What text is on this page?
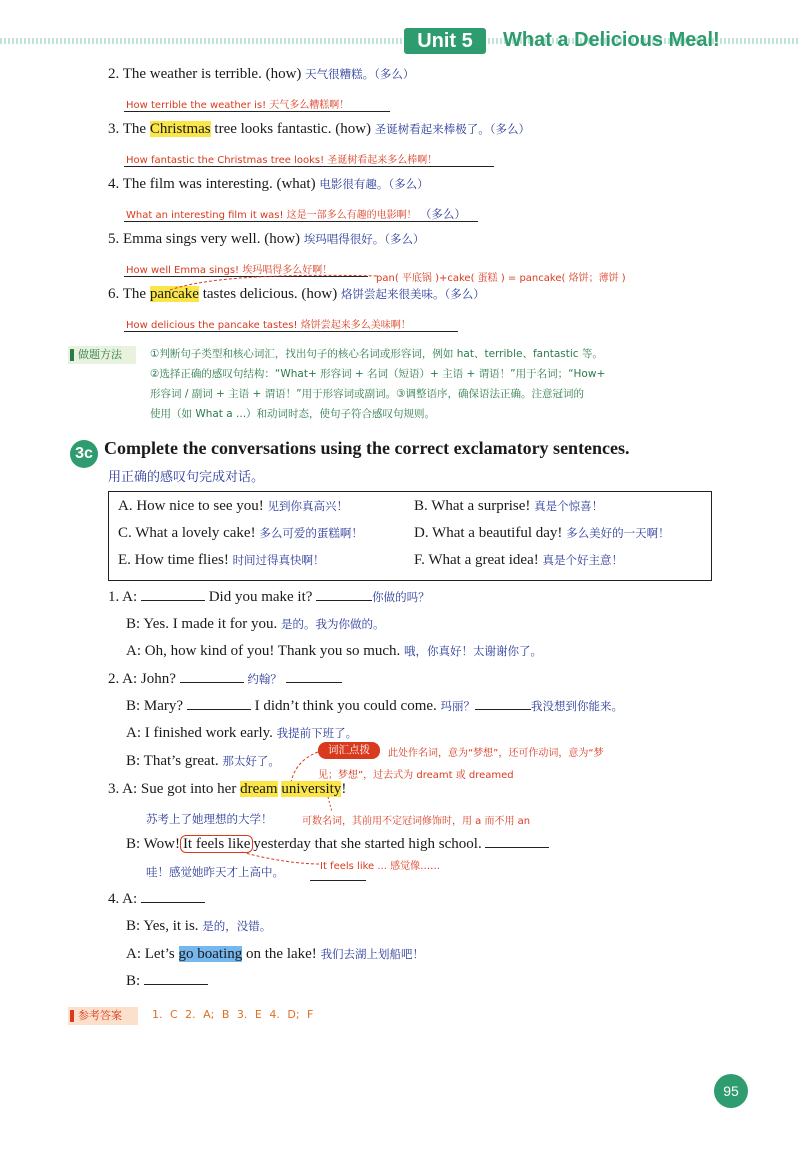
Unit 5	What a Delicious Meal!
2. The weather is terrible. (how) 天气很糟糕。（多么）
How terrible the weather is! 天气多么糟糕啊！
3. The Christmas tree looks fantastic. (how) 圣诞树看起来棒极了。（多么）
How fantastic the Christmas tree looks! 圣诞树看起来多么棒啊！
4. The film was interesting. (what) 电影很有趣。（多么）
What an interesting film it was! 这是一部多么有趣的电影啊！ （多么）
5. Emma sings very well. (how) 埃玛唱得很好。（多么）
How well Emma sings! 埃玛唱得多么好啊！
pan( 平底锅 )+cake( 蛋糕 ) = pancake( 烙饼；薄饼 )
6. The pancake tastes delicious. (how) 烙饼尝起来很美味。（多么）
How delicious the pancake tastes! 烙饼尝起来多么美味啊！
做题方法	①判断句子类型和核心词汇，找出句子的核心名词或形容词，例如 hat、terrible、fantastic 等。
②选择正确的感叹句结构：“What+ 形容词 + 名词（短语）+ 主语 + 谓语！”用于名词；“How+
形容词 / 副词 + 主语 + 谓语！”用于形容词或副词。③调整语序，确保语法正确。注意冠词的
使用（如 What a ...）和动词时态，使句子符合感叹句规则。
3c Complete the conversations using the correct exclamatory sentences.
用正确的感叹句完成对话。
A. How nice to see you! 见到你真高兴！	B. What a surprise! 真是个惊喜！
C. What a lovely cake! 多么可爱的蛋糕啊！	D. What a beautiful day! 多么美好的一天啊！
E. How time flies! 时间过得真快啊！	F. What a great idea! 真是个好主意！
1. A:	Did you make it?	你做的吗？
B: Yes. I made it for you. 是的。我为你做的。
A: Oh, how kind of you! Thank you so much. 哦，你真好！太谢谢你了。
2. A: John?	约翰？
B: Mary?	I didn’t think you could come. 玛丽？	我没想到你能来。
A: I finished work early. 我提前下班了。
B: That’s great. 那太好了。
词汇点拨	此处作名词，意为“梦想”，还可作动词，意为“梦
见；梦想”，过去式为 dreamt 或 dreamed
3. A: Sue got into her dream university!
苏考上了她理想的大学！	可数名词，其前用不定冠词修饰时，用 a 而不用 an
B: Wow! It feels like yesterday that she started high school.
哇！感觉她昨天才上高中。	It feels like ... 感觉像……
4. A:
B: Yes, it is. 是的，没错。
A: Let’s go boating on the lake! 我们去湖上划船吧！
B:
参考答案	1. C 2. A; B 3. E 4. D; F
95
